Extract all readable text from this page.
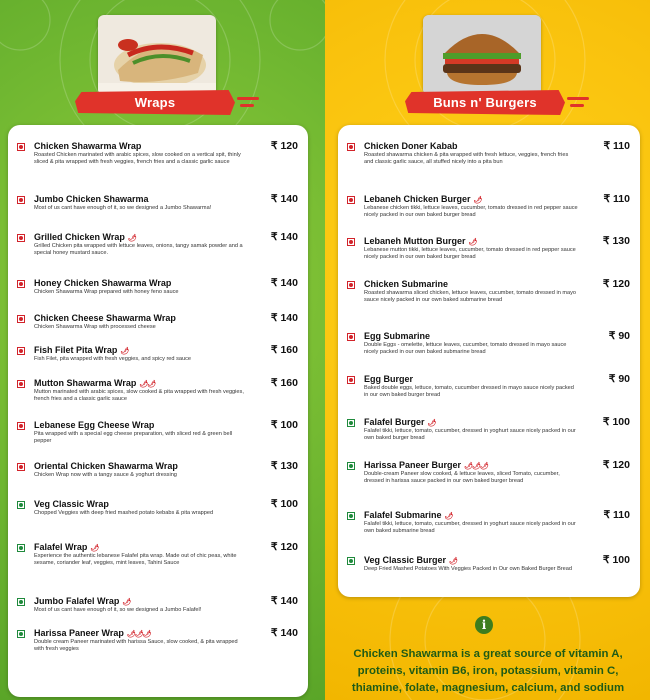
Wraps
Chicken Shawarma Wrap
Roasted Chicken marinated with arabic spices, slow cooked on a vertical spit, thinly sliced & pita wrapped with fresh veggies, french fries and a classic garlic sauce
₹ 120
Jumbo Chicken Shawarma
Most of us cant have enough of it, so we designed a Jumbo Shawarma!
₹ 140
Grilled Chicken Wrap 🌶
Grilled Chicken pita wrapped with lettuce leaves, onions, tangy samak powder and a special honey mustard sauce.
₹ 140
Honey Chicken Shawarma Wrap
Chicken Shawarma Wrap prepared with honey feno sauce
₹ 140
Chicken Cheese Shawarma Wrap
Chicken Shawarma Wrap with processed cheese
₹ 140
Fish Filet Pita Wrap 🌶
Fish Filet, pita wrapped with fresh veggies, and spicy red sauce
₹ 160
Mutton Shawarma Wrap 🌶🌶
Mutton marinated with arabic spices, slow cooked & pita wrapped with fresh veggies, french fries and a classic garlic sauce
₹ 160
Lebanese Egg Cheese Wrap
Pita wrapped with a special egg cheese preparation, with sliced red & green bell pepper
₹ 100
Oriental Chicken Shawarma Wrap
Chicken Wrap now with a tangy sauce & yoghurt dressing
₹ 130
Veg Classic Wrap
Chopped Veggies with deep fried mashed potato kebabs & pita wrapped
₹ 100
Falafel Wrap 🌶
Experience the authentic lebanese Falafel pita wrap. Made out of chic peas, white sesame, coriander leaf, veggies, mint leaves, Tahini Sauce
₹ 120
Jumbo Falafel Wrap 🌶
Most of us cant have enough of it, so we designed a Jumbo Falafel!
₹ 140
Harissa Paneer Wrap 🌶🌶🌶
Double cream Paneer marinated with harissa Sauce, slow cooked, & pita wrapped with fresh veggies
₹ 140
Buns n' Burgers
Chicken Doner Kabab
Roasted shawarma chicken & pita wrapped with fresh lettuce, veggies, french fries and classic garlic sauce, all stuffed nicely into a pita bun
₹ 110
Lebaneh Chicken Burger 🌶
Lebanese chicken tikki, lettuce leaves, cucumber, tomato dressed in red pepper sauce nicely packed in our own baked burger bread
₹ 110
Lebaneh Mutton Burger 🌶
Lebanese mutton tikki, lettuce leaves, cucumber, tomato dressed in red pepper sauce nicely packed in our own baked burger bread
₹ 130
Chicken Submarine
Roasted shawarma sliced chicken, lettuce leaves, cucumber, tomato dressed in mayo sauce nicely packed in our own baked submarine bread
₹ 120
Egg Submarine
Double Eggs - omelette, lettuce leaves, cucumber, tomato dressed in mayo sauce nicely packed in our own baked submarine bread
₹ 90
Egg Burger
Baked double eggs, lettuce, tomato, cucumber dressed in mayo sauce nicely packed in our own baked burger bread
₹ 90
Falafel Burger 🌶
Falafel tikki, lettuce, tomato, cucumber, dressed in yoghurt sauce nicely packed in our own baked burger bread
₹ 100
Harissa Paneer Burger 🌶🌶🌶
Double-cream Paneer slow cooked, & lettuce leaves, sliced Tomato, cucumber, dressed in harissa sauce packed in our own baked burger bread
₹ 120
Falafel Submarine 🌶
Falafel tikki, lettuce, tomato, cucumber, dressed in yoghurt sauce nicely packed in our own baked submarine bread
₹ 110
Veg Classic Burger 🌶
Deep Fried Mashed Potatoes With Veggies Packed in Our own Baked Burger Bread
₹ 100
i
Chicken Shawarma is a great source of vitamin A, proteins, vitamin B6, iron, potassium, vitamin C, thiamine, folate, magnesium, calcium, and sodium
